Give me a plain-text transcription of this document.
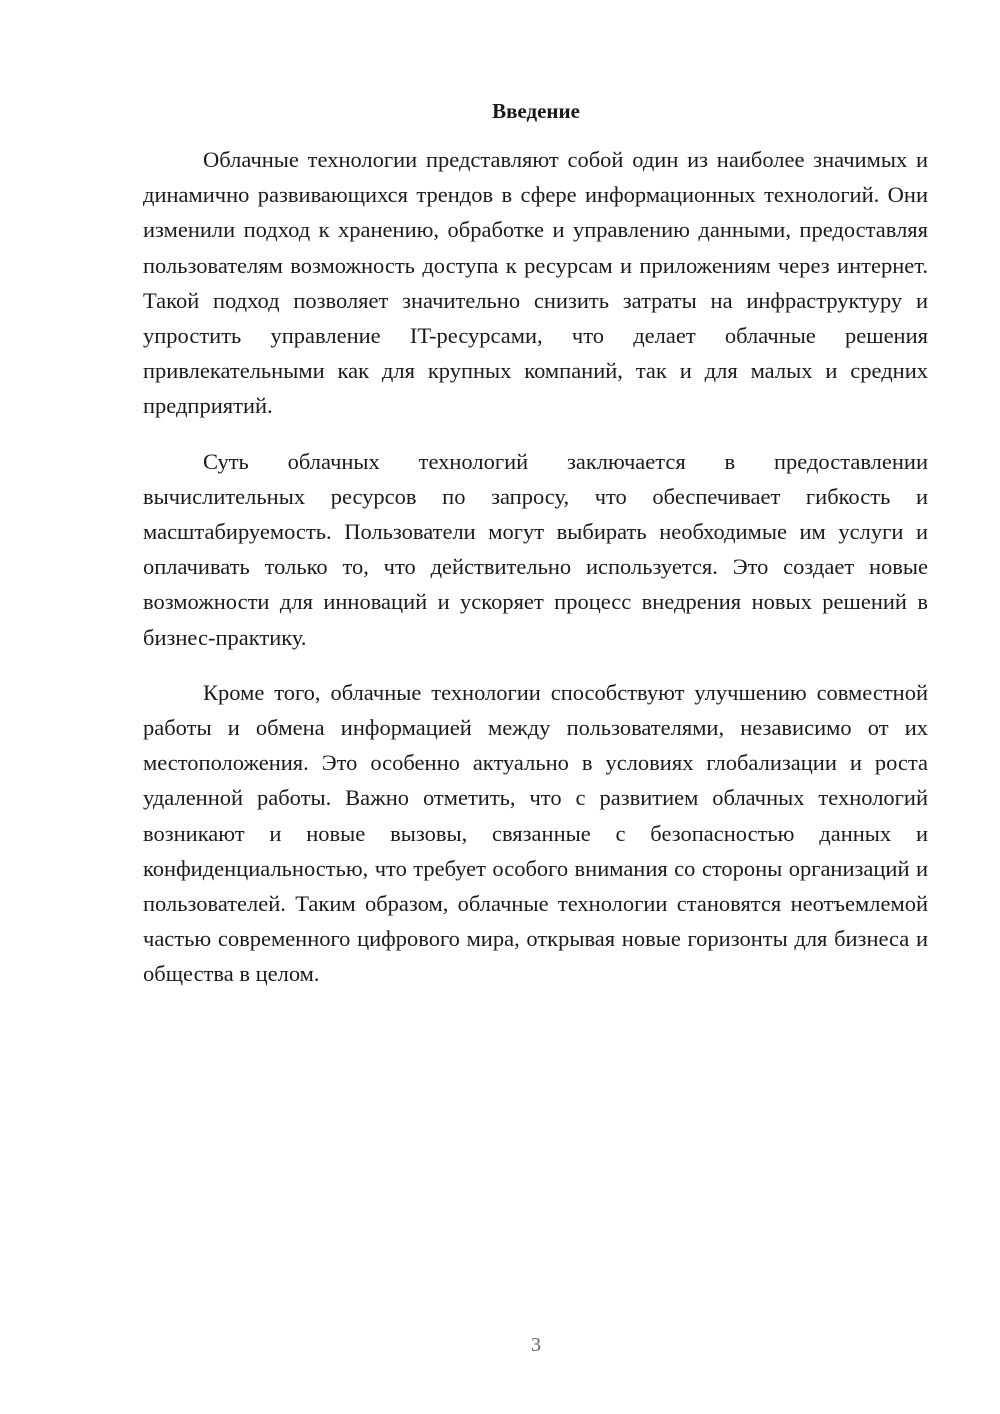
Введение

Облачные технологии представляют собой один из наиболее значимых и динамично развивающихся трендов в сфере информационных технологий. Они изменили подход к хранению, обработке и управлению данными, предоставляя пользователям возможность доступа к ресурсам и приложениям через интернет. Такой подход позволяет значительно снизить затраты на инфраструктуру и упростить управление IT-ресурсами, что делает облачные решения привлекательными как для крупных компаний, так и для малых и средних предприятий.

Суть облачных технологий заключается в предоставлении вычислительных ресурсов по запросу, что обеспечивает гибкость и масштабируемость. Пользователи могут выбирать необходимые им услуги и оплачивать только то, что действительно используется. Это создает новые возможности для инноваций и ускоряет процесс внедрения новых решений в бизнес-практику.

Кроме того, облачные технологии способствуют улучшению совместной работы и обмена информацией между пользователями, независимо от их местоположения. Это особенно актуально в условиях глобализации и роста удаленной работы. Важно отметить, что с развитием облачных технологий возникают и новые вызовы, связанные с безопасностью данных и конфиденциальностью, что требует особого внимания со стороны организаций и пользователей. Таким образом, облачные технологии становятся неотъемлемой частью современного цифрового мира, открывая новые горизонты для бизнеса и общества в целом.

3
